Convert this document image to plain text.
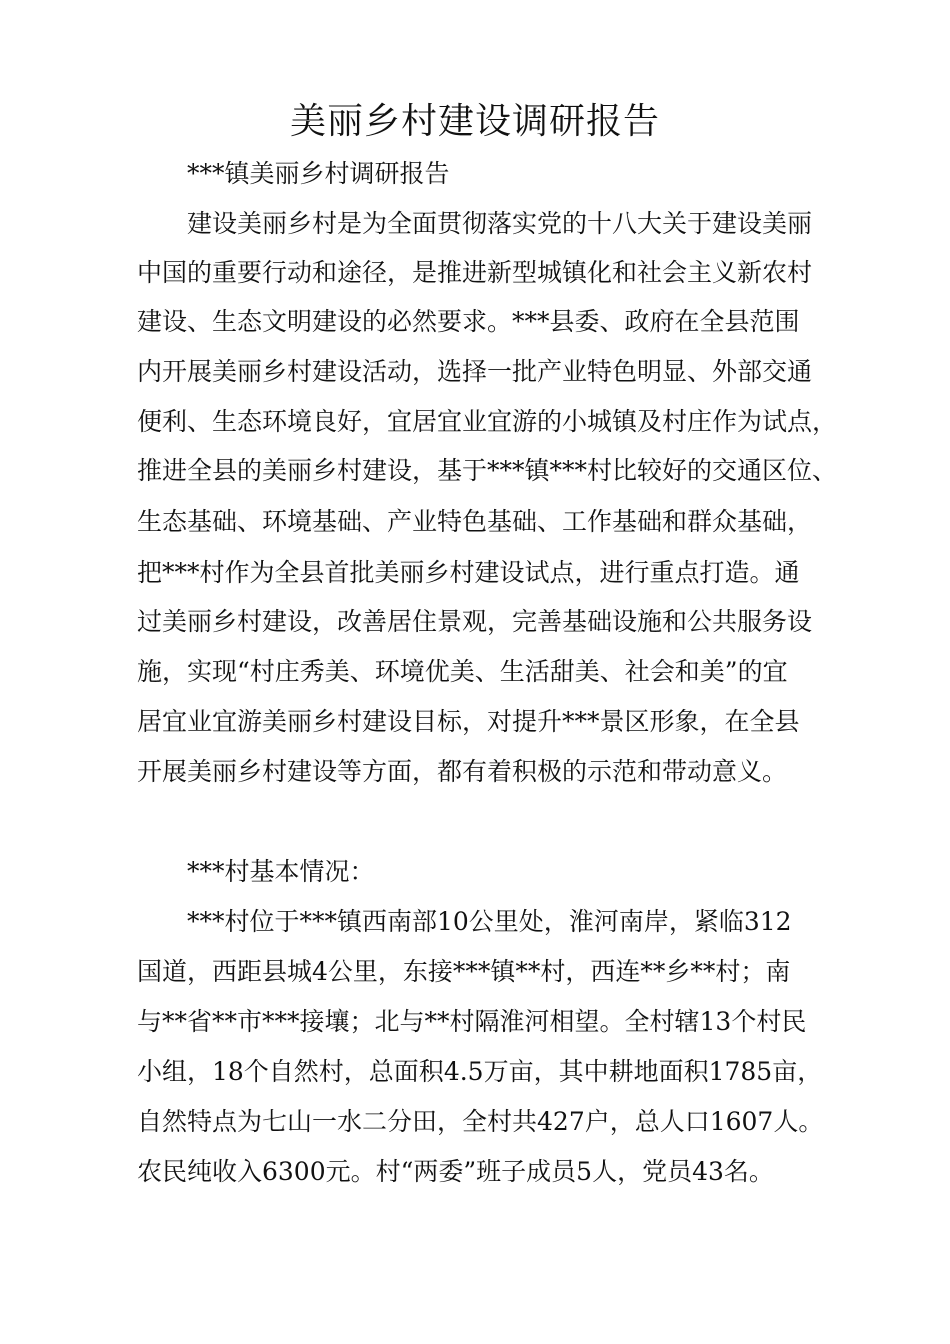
美丽乡村建设调研报告

***镇美丽乡村调研报告

建设美丽乡村是为全面贯彻落实党的十八大关于建设美丽

中国的重要行动和途径，是推进新型城镇化和社会主义新农村

建设、生态文明建设的必然要求。***县委、政府在全县范围

内开展美丽乡村建设活动，选择一批产业特色明显、外部交通

便利、生态环境良好，宜居宜业宜游的小城镇及村庄作为试点，

推进全县的美丽乡村建设，基于***镇***村比较好的交通区位、

生态基础、环境基础、产业特色基础、工作基础和群众基础，

把***村作为全县首批美丽乡村建设试点，进行重点打造。通

过美丽乡村建设，改善居住景观，完善基础设施和公共服务设

施，实现“村庄秀美、环境优美、生活甜美、社会和美”的宜

居宜业宜游美丽乡村建设目标，对提升***景区形象，在全县

开展美丽乡村建设等方面，都有着积极的示范和带动意义。

***村基本情况：

***村位于***镇西南部10公里处，淮河南岸，紧临312

国道，西距县城4公里，东接***镇**村，西连**乡**村；南

与**省**市***接壤；北与**村隔淮河相望。全村辖13个村民

小组，18个自然村，总面积4.5万亩，其中耕地面积1785亩，

自然特点为七山一水二分田，全村共427户，总人口1607人。

农民纯收入6300元。村“两委”班子成员5人，党员43名。
